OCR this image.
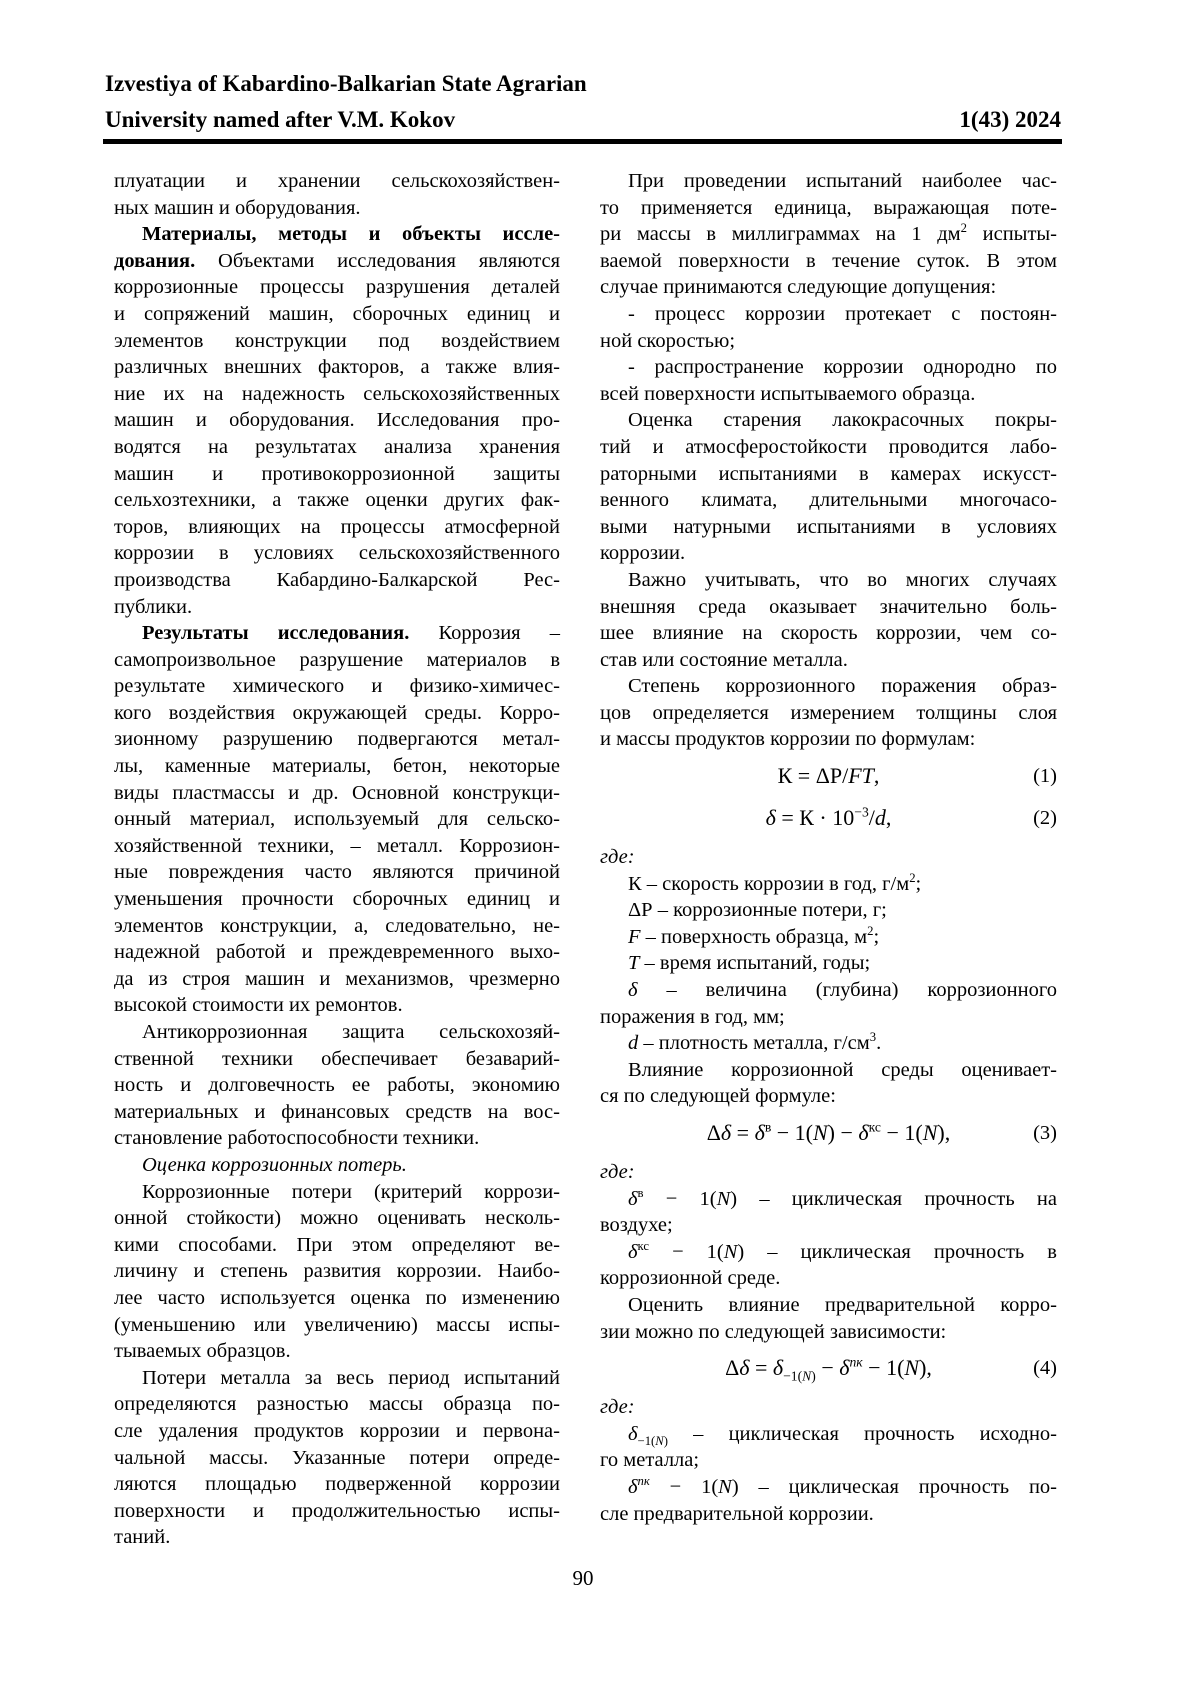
Izvestiya of Kabardino-Balkarian State Agrarian
University named after V.M. Kokov	1(43) 2024
плуатации и хранении сельскохозяйствен-
ных машин и оборудования.
Материалы, методы и объекты иссле-
дования. Объектами исследования являются
коррозионные процессы разрушения деталей
и сопряжений машин, сборочных единиц и
элементов конструкции под воздействием
различных внешних факторов, а также влия-
ние их на надежность сельскохозяйственных
машин и оборудования. Исследования про-
водятся на результатах анализа хранения
машин и противокоррозионной защиты
сельхозтехники, а также оценки других фак-
торов, влияющих на процессы атмосферной
коррозии в условиях сельскохозяйственного
производства Кабардино-Балкарской Рес-
публики.
Результаты исследования. Коррозия –
самопроизвольное разрушение материалов в
результате химического и физико-химичес-
кого воздействия окружающей среды. Корро-
зионному разрушению подвергаются метал-
лы, каменные материалы, бетон, некоторые
виды пластмассы и др. Основной конструкци-
онный материал, используемый для сельско-
хозяйственной техники, – металл. Коррозион-
ные повреждения часто являются причиной
уменьшения прочности сборочных единиц и
элементов конструкции, а, следовательно, не-
надежной работой и преждевременного выхо-
да из строя машин и механизмов, чрезмерно
высокой стоимости их ремонтов.
Антикоррозионная защита сельскохозяй-
ственной техники обеспечивает безаварий-
ность и долговечность ее работы, экономию
материальных и финансовых средств на вос-
становление работоспособности техники.
Оценка коррозионных потерь.
Коррозионные потери (критерий коррози-
онной стойкости) можно оценивать несколь-
кими способами. При этом определяют ве-
личину и степень развития коррозии. Наибо-
лее часто используется оценка по изменению
(уменьшению или увеличению) массы испы-
тываемых образцов.
Потери металла за весь период испытаний
определяются разностью массы образца по-
сле удаления продуктов коррозии и первона-
чальной массы. Указанные потери опреде-
ляются площадью подверженной коррозии
поверхности и продолжительностью испы-
таний.
При проведении испытаний наиболее час-
то применяется единица, выражающая поте-
ри массы в миллиграммах на 1 $дм^2$ испыты-
ваемой поверхности в течение суток. В этом
случае принимаются следующие допущения:
- процесс коррозии протекает с постоян-
ной скоростью;
- распространение коррозии однородно по
всей поверхности испытываемого образца.
Оценка старения лакокрасочных покры-
тий и атмосферостойкости проводится лабо-
раторными испытаниями в камерах искусст-
венного климата, длительными многочасо-
выми натурными испытаниями в условиях
коррозии.
Важно учитывать, что во многих случаях
внешняя среда оказывает значительно боль-
шее влияние на скорость коррозии, чем со-
став или состояние металла.
Степень коррозионного поражения образ-
цов определяется измерением толщины слоя
и массы продуктов коррозии по формулам:
К = ΔР/FT,	(1)
$\delta = К \cdot 10^{-3}/d$,	(2)
где:
К – скорость коррозии в год, $г/м^2$;
ΔР – коррозионные потери, г;
F – поверхность образца, $м^2$;
T – время испытаний, годы;
δ – величина (глубина) коррозионного
поражения в год, мм;
d – плотность металла, $г/см^3$.
Влияние коррозионной среды оценивает-
ся по следующей формуле:
$\Delta\delta = \delta^в - 1(N) - \delta^{кс} - 1(N)$,	(3)
где:
$\delta^в - 1(N)$ – циклическая прочность на
воздухе;
$\delta^{кс} - 1(N)$ – циклическая прочность в
коррозионной среде.
Оценить влияние предварительной корро-
зии можно по следующей зависимости:
$\Delta\delta = \delta_{-1(N)} - \delta^{пк} - 1(N)$,	(4)
где:
$\delta_{-1(N)}$ – циклическая прочность исходно-
го металла;
$\delta^{пк} - 1(N)$ – циклическая прочность по-
сле предварительной коррозии.
90
